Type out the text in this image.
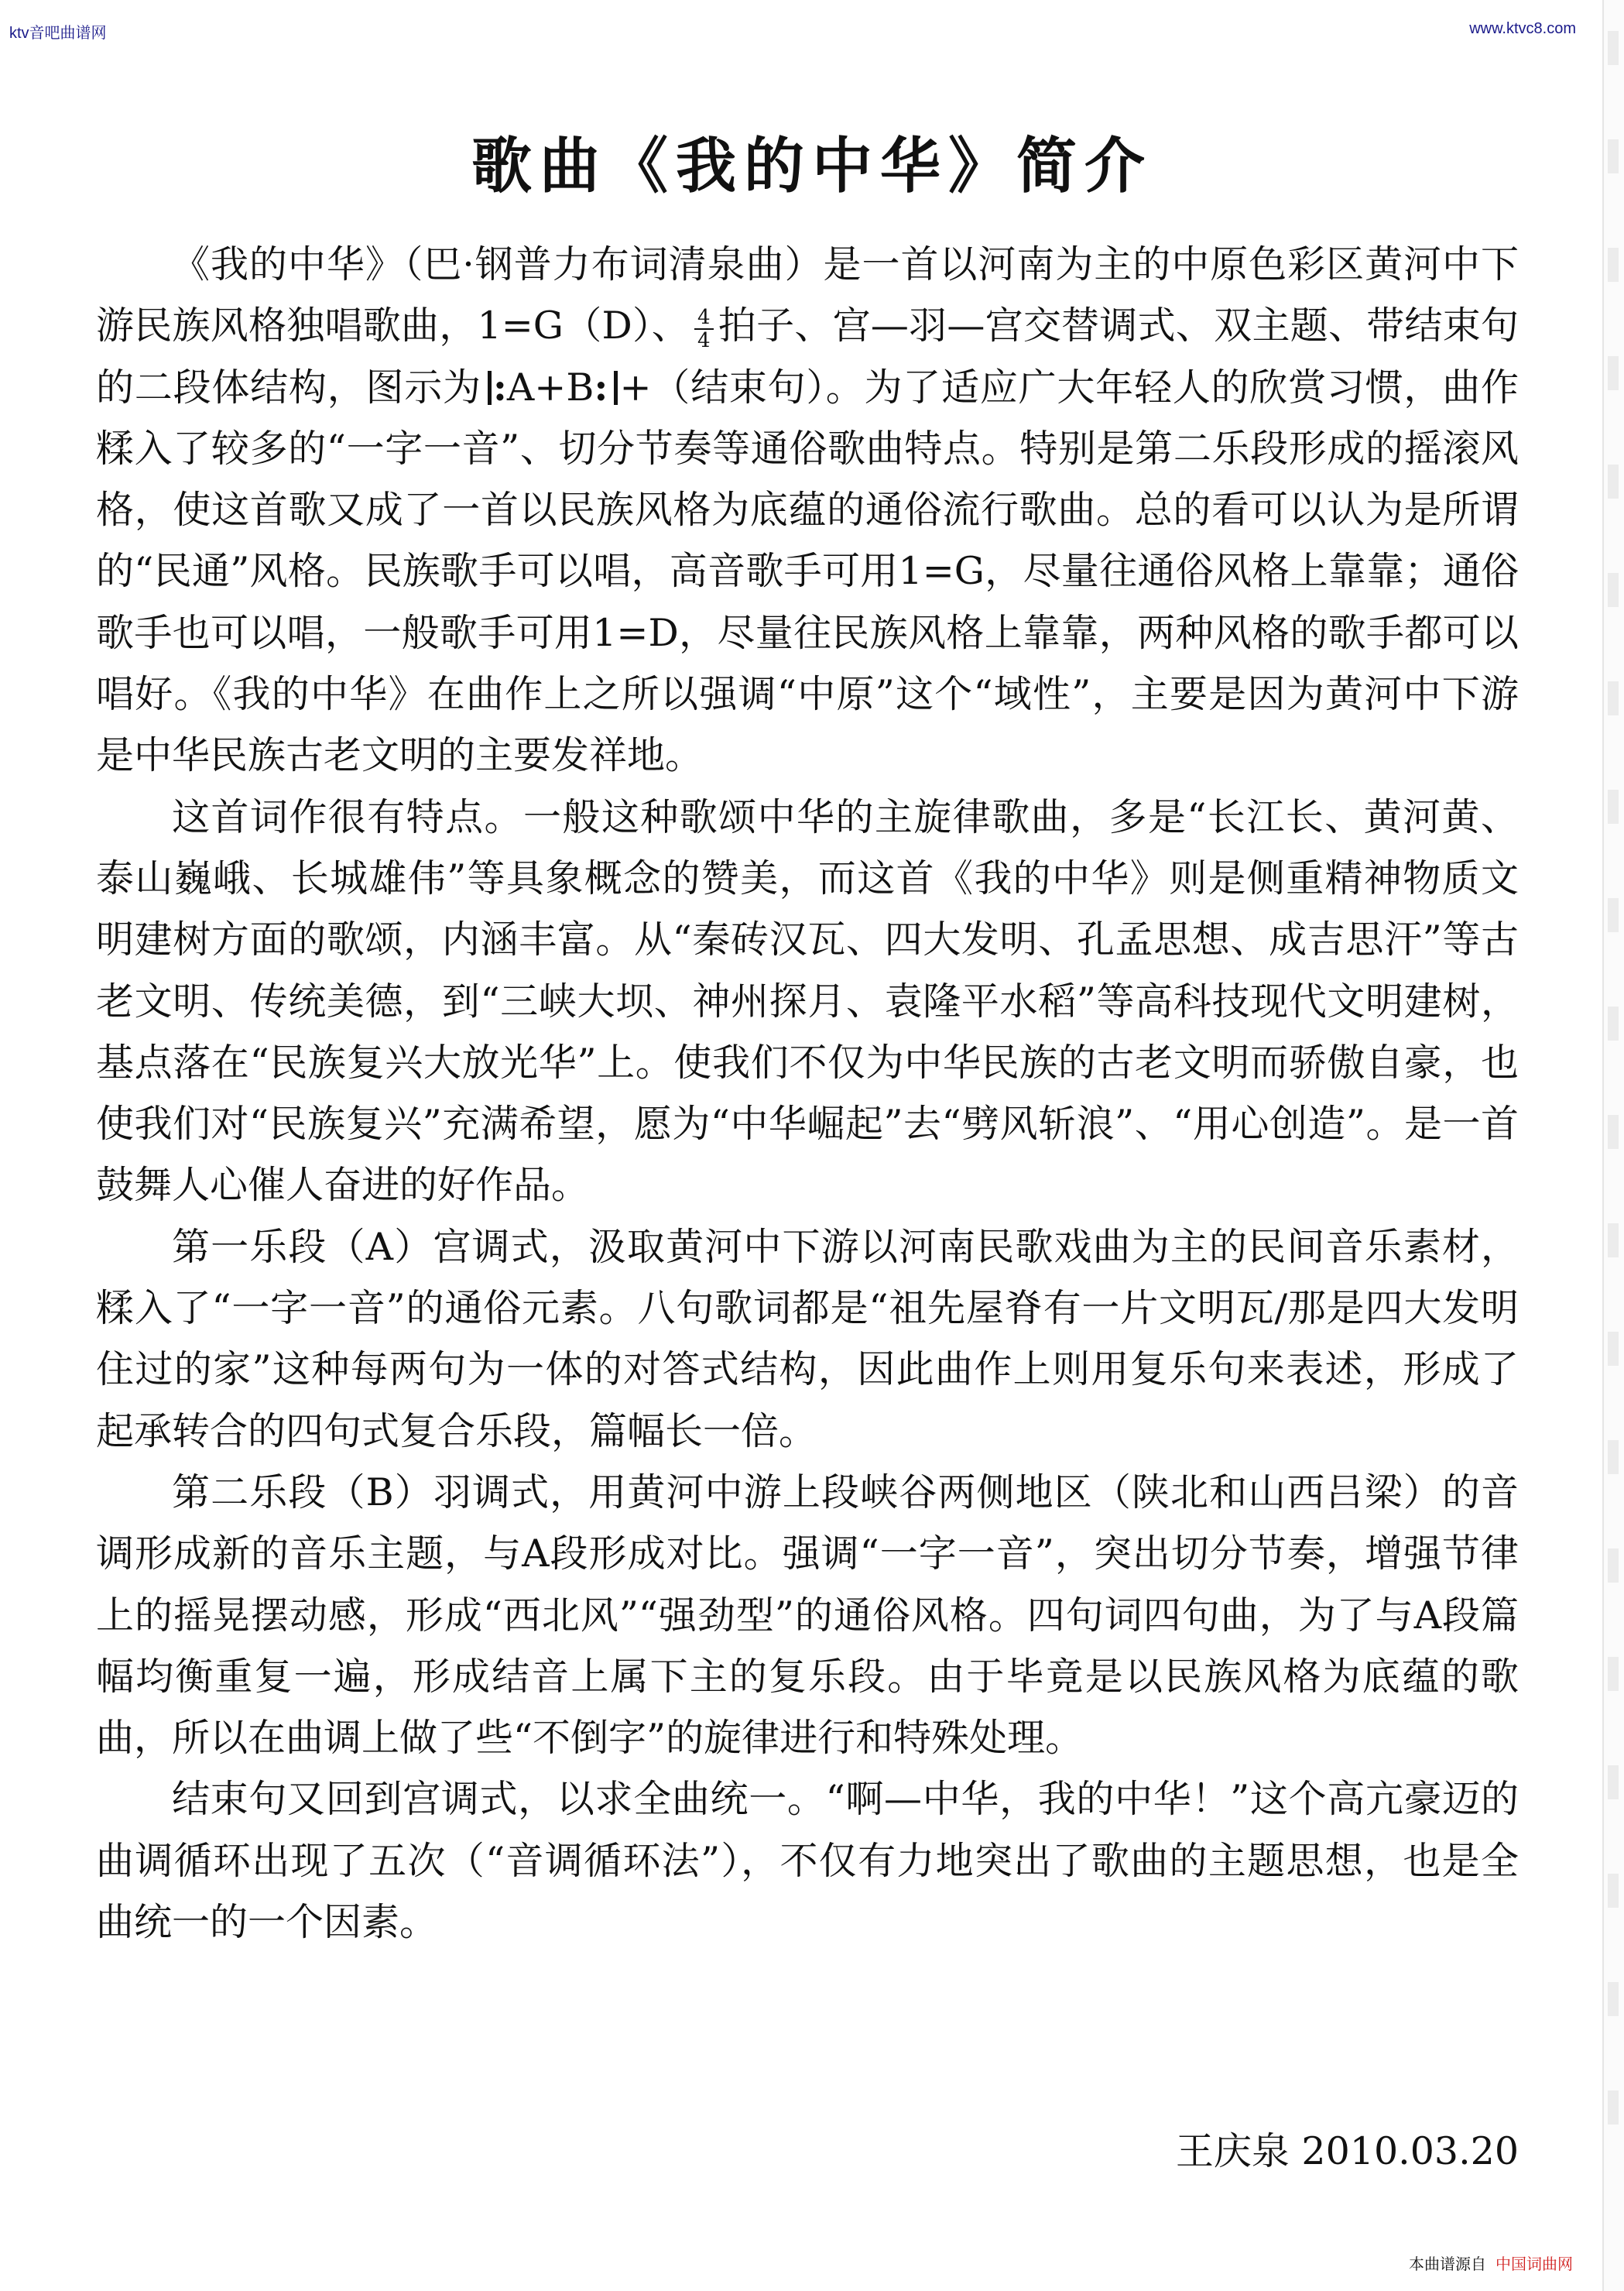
ktv音吧曲谱网	www.ktvc8.com
歌曲《我的中华》简介

《我的中华》（巴·钢普力布词清泉曲）是一首以河南为主的中原色彩区黄河中下游民族风格独唱歌曲，1=G（D）、 $\frac{4}{4}$ 拍子、宫—羽—宫交替调式、双主题、带结束句的二段体结构，图示为 :A+B: +（结束句）。为了适应广大年轻人的欣赏习惯，曲作糅入了较多的“一字一音”、切分节奏等通俗歌曲特点。特别是第二乐段形成的摇滚风格，使这首歌又成了一首以民族风格为底蕴的通俗流行歌曲。总的看可以认为是所谓的“民通”风格。民族歌手可以唱，高音歌手可用1=G，尽量往通俗风格上靠靠；通俗歌手也可以唱，一般歌手可用1=D，尽量往民族风格上靠靠，两种风格的歌手都可以唱好。《我的中华》在曲作上之所以强调“中原”这个“域性”，主要是因为黄河中下游是中华民族古老文明的主要发祥地。

这首词作很有特点。一般这种歌颂中华的主旋律歌曲，多是“长江长、黄河黄、泰山巍峨、长城雄伟”等具象概念的赞美，而这首《我的中华》则是侧重精神物质文明建树方面的歌颂，内涵丰富。从“秦砖汉瓦、四大发明、孔孟思想、成吉思汗”等古老文明、传统美德，到“三峡大坝、神州探月、袁隆平水稻”等高科技现代文明建树，基点落在“民族复兴大放光华”上。使我们不仅为中华民族的古老文明而骄傲自豪，也使我们对“民族复兴”充满希望，愿为“中华崛起”去“劈风斩浪”、“用心创造”。是一首鼓舞人心催人奋进的好作品。

第一乐段（A）宫调式，汲取黄河中下游以河南民歌戏曲为主的民间音乐素材，糅入了“一字一音”的通俗元素。八句歌词都是“祖先屋脊有一片文明瓦/那是四大发明住过的家”这种每两句为一体的对答式结构，因此曲作上则用复乐句来表述，形成了起承转合的四句式复合乐段，篇幅长一倍。

第二乐段（B）羽调式，用黄河中游上段峡谷两侧地区（陕北和山西吕梁）的音调形成新的音乐主题，与A段形成对比。强调“一字一音”，突出切分节奏，增强节律上的摇晃摆动感，形成“西北风”“强劲型”的通俗风格。四句词四句曲，为了与A段篇幅均衡重复一遍，形成结音上属下主的复乐段。由于毕竟是以民族风格为底蕴的歌曲，所以在曲调上做了些“不倒字”的旋律进行和特殊处理。

结束句又回到宫调式，以求全曲统一。“啊—中华，我的中华！”这个高亢豪迈的曲调循环出现了五次（“音调循环法”），不仅有力地突出了歌曲的主题思想，也是全曲统一的一个因素。

王庆泉 2010.03.20
本曲谱源自 中国词曲网
